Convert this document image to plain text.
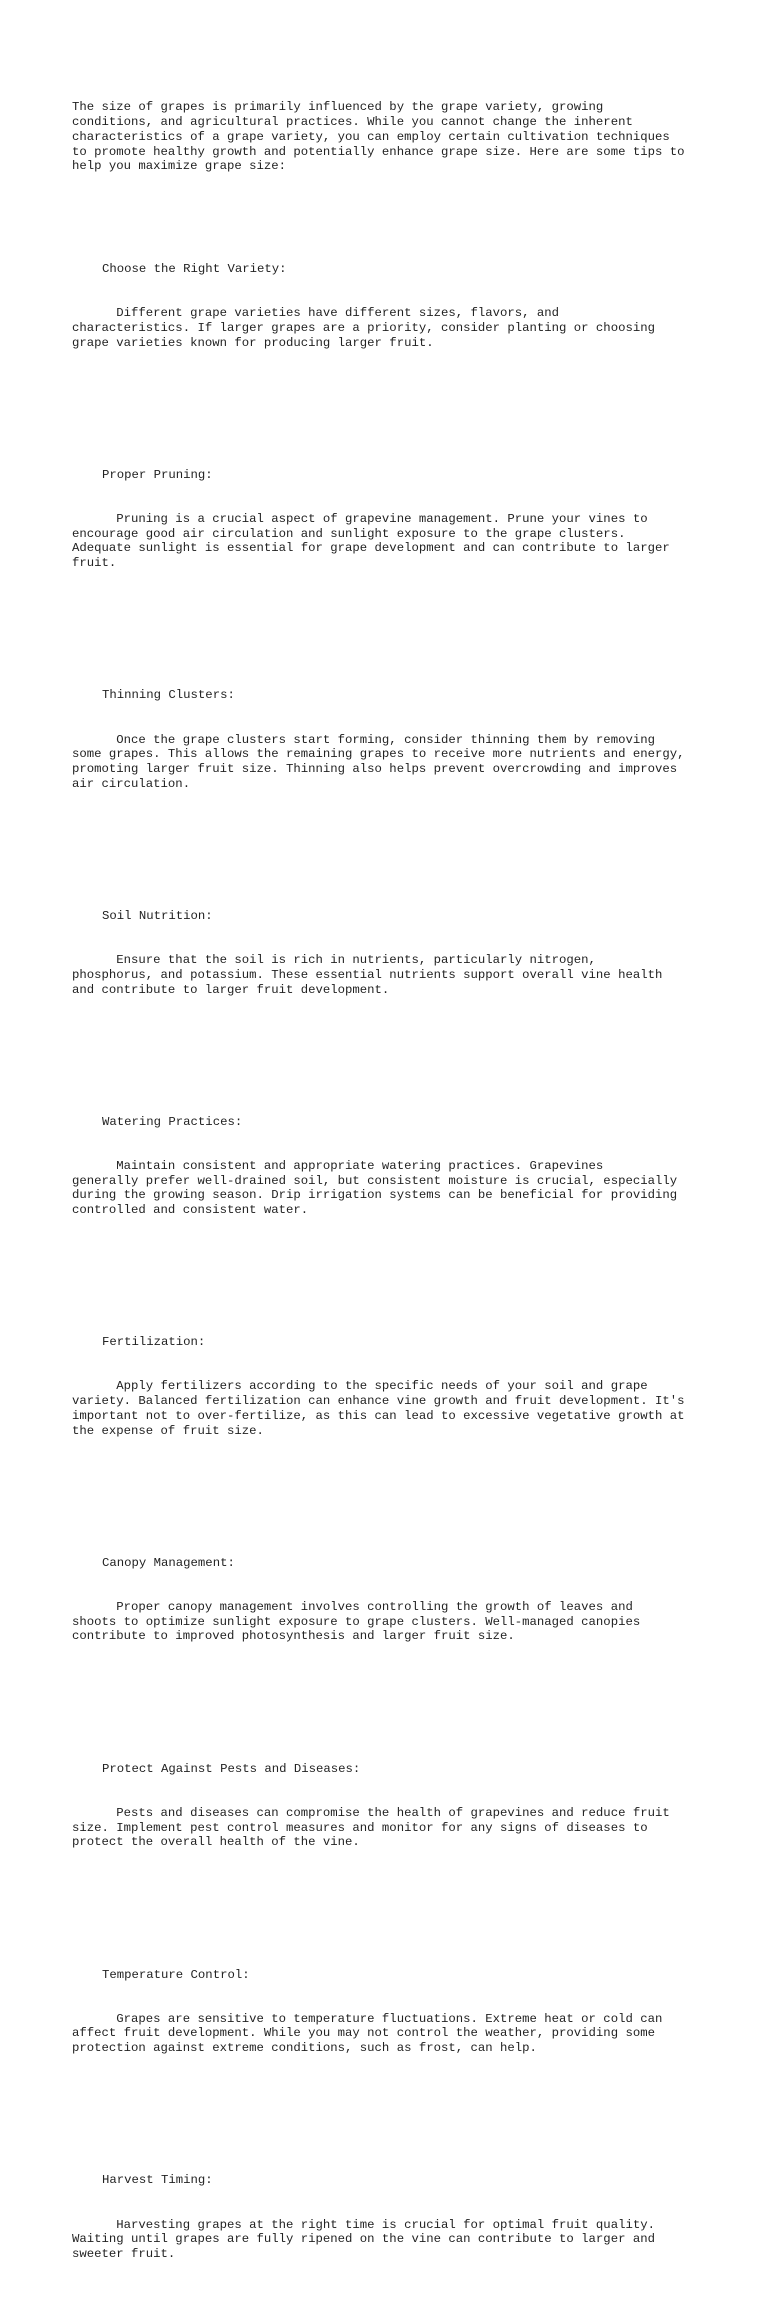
The size of grapes is primarily influenced by the grape variety, growing
conditions, and agricultural practices. While you cannot change the inherent
characteristics of a grape variety, you can employ certain cultivation techniques
to promote healthy growth and potentially enhance grape size. Here are some tips to
help you maximize grape size:

Choose the Right Variety:

Different grape varieties have different sizes, flavors, and
characteristics. If larger grapes are a priority, consider planting or choosing
grape varieties known for producing larger fruit.

Proper Pruning:

Pruning is a crucial aspect of grapevine management. Prune your vines to
encourage good air circulation and sunlight exposure to the grape clusters.
Adequate sunlight is essential for grape development and can contribute to larger
fruit.

Thinning Clusters:

Once the grape clusters start forming, consider thinning them by removing
some grapes. This allows the remaining grapes to receive more nutrients and energy,
promoting larger fruit size. Thinning also helps prevent overcrowding and improves
air circulation.

Soil Nutrition:

Ensure that the soil is rich in nutrients, particularly nitrogen,
phosphorus, and potassium. These essential nutrients support overall vine health
and contribute to larger fruit development.

Watering Practices:

Maintain consistent and appropriate watering practices. Grapevines
generally prefer well-drained soil, but consistent moisture is crucial, especially
during the growing season. Drip irrigation systems can be beneficial for providing
controlled and consistent water.

Fertilization:

Apply fertilizers according to the specific needs of your soil and grape
variety. Balanced fertilization can enhance vine growth and fruit development. It's
important not to over-fertilize, as this can lead to excessive vegetative growth at
the expense of fruit size.

Canopy Management:

Proper canopy management involves controlling the growth of leaves and
shoots to optimize sunlight exposure to grape clusters. Well-managed canopies
contribute to improved photosynthesis and larger fruit size.

Protect Against Pests and Diseases:

Pests and diseases can compromise the health of grapevines and reduce fruit
size. Implement pest control measures and monitor for any signs of diseases to
protect the overall health of the vine.

Temperature Control:

Grapes are sensitive to temperature fluctuations. Extreme heat or cold can
affect fruit development. While you may not control the weather, providing some
protection against extreme conditions, such as frost, can help.

Harvest Timing:

Harvesting grapes at the right time is crucial for optimal fruit quality.
Waiting until grapes are fully ripened on the vine can contribute to larger and
sweeter fruit.
